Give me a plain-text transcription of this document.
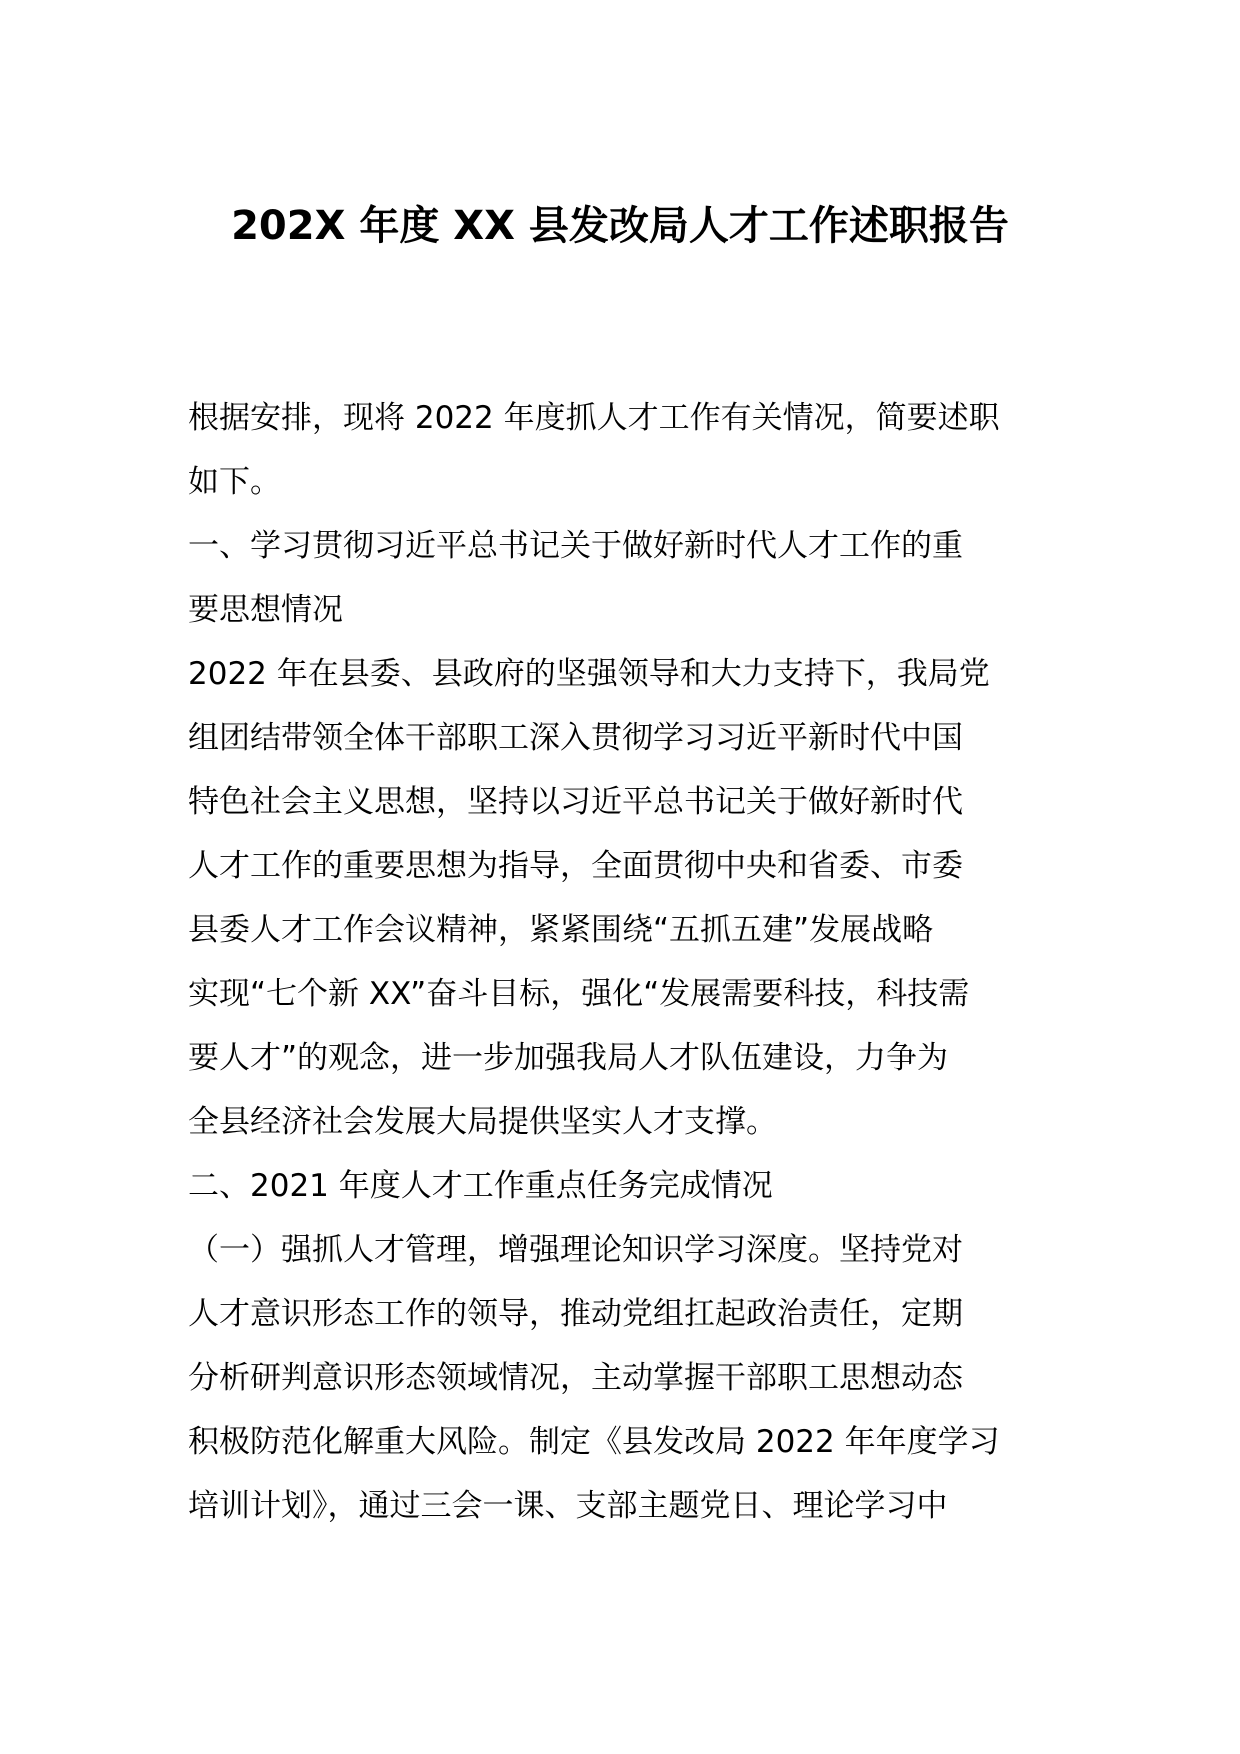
202X 年度 XX 县发改局人才工作述职报告
根据安排，现将 2022 年度抓人才工作有关情况，简要述职
如下。
一、学习贯彻习近平总书记关于做好新时代人才工作的重
要思想情况
2022 年在县委、县政府的坚强领导和大力支持下，我局党
组团结带领全体干部职工深入贯彻学习习近平新时代中国
特色社会主义思想，坚持以习近平总书记关于做好新时代
人才工作的重要思想为指导，全面贯彻中央和省委、市委
县委人才工作会议精神，紧紧围绕“五抓五建”发展战略
实现“七个新 XX”奋斗目标，强化“发展需要科技，科技需
要人才”的观念，进一步加强我局人才队伍建设，力争为
全县经济社会发展大局提供坚实人才支撑。
二、2021 年度人才工作重点任务完成情况
（一）强抓人才管理，增强理论知识学习深度。坚持党对
人才意识形态工作的领导，推动党组扛起政治责任，定期
分析研判意识形态领域情况，主动掌握干部职工思想动态
积极防范化解重大风险。制定《县发改局 2022 年年度学习
培训计划》，通过三会一课、支部主题党日、理论学习中
